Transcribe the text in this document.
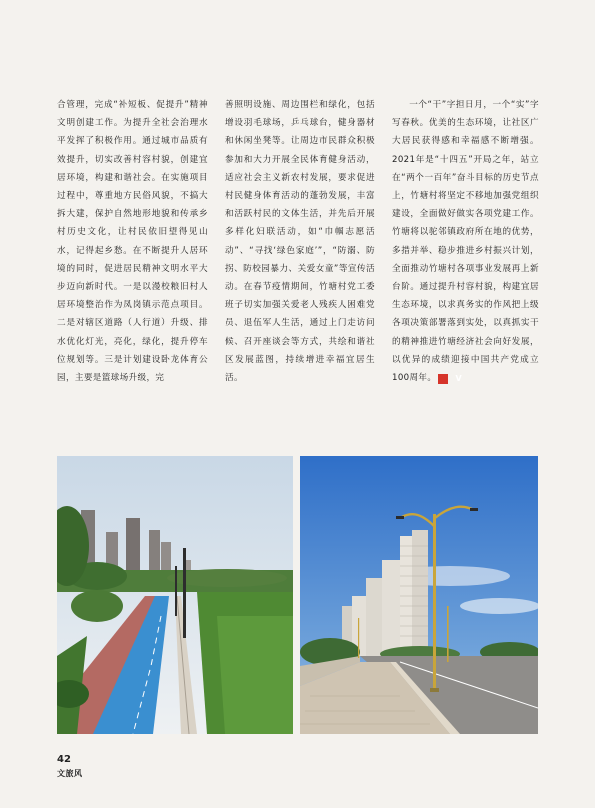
合管理，完成“补短板、促提升”精神文明创建工作。为提升全社会治理水平发挥了积极作用。通过城市品质有效提升，切实改善村容村貌，创建宜居环境，构建和谐社会。在实施项目过程中，尊重地方民俗风貌，不搞大拆大建，保护自然地形地貌和传承乡村历史文化，让村民依旧望得见山水，记得起乡愁。在不断提升人居环境的同时，促进居民精神文明水平大步迈向新时代。一是以漫校粮旧村人居环境整治作为凤岗镇示范点项目。二是对辖区道路（人行道）升级、排水优化灯光，亮化，绿化，提升停车位规划等。三是计划建设卧龙体育公园，主要是篮球场升级，完

善照明设施、周边围栏和绿化，包括增设羽毛球场，乒乓球台，健身器材和休闲坐凳等。让周边市民群众积极参加和大力开展全民体育健身活动，适应社会主义新农村发展，要求促进村民健身体育活动的蓬勃发展，丰富和活跃村民的文体生活，并先后开展多样化妇联活动，如“巾帼志愿活动”、“寻找‘绿色家庭’”，“防溺、防拐、防校园暴力、关爱女童”等宣传活动。在春节疫情期间，竹塘村党工委班子切实加强关爱老人残疾人困难党员、退伍军人生活，通过上门走访问候、召开座谈会等方式，共绘和谐社区发展蓝图，持续增进幸福宜居生活。

一个“干”字担日月，一个“实”字写春秋。优美的生态环境，让社区广大居民获得感和幸福感不断增强。2021年是“十四五”开局之年，站立在“两个一百年”奋斗目标的历史节点上，竹塘村将坚定不移地加强党组织建设，全面做好做实各项党建工作。竹塘将以驼邻镇政府所在地的优势，多措并举、稳步推进乡村振兴计划，全面推动竹塘村各项事业发展再上新台阶。通过提升村容村貌，构建宜居生态环境，以求真务实的作风把上级各项决策部署落到实处，以真抓实干的精神推进竹塘经济社会向好发展，以优异的成绩迎接中国共产党成立100周年。 V

42
文旅风
